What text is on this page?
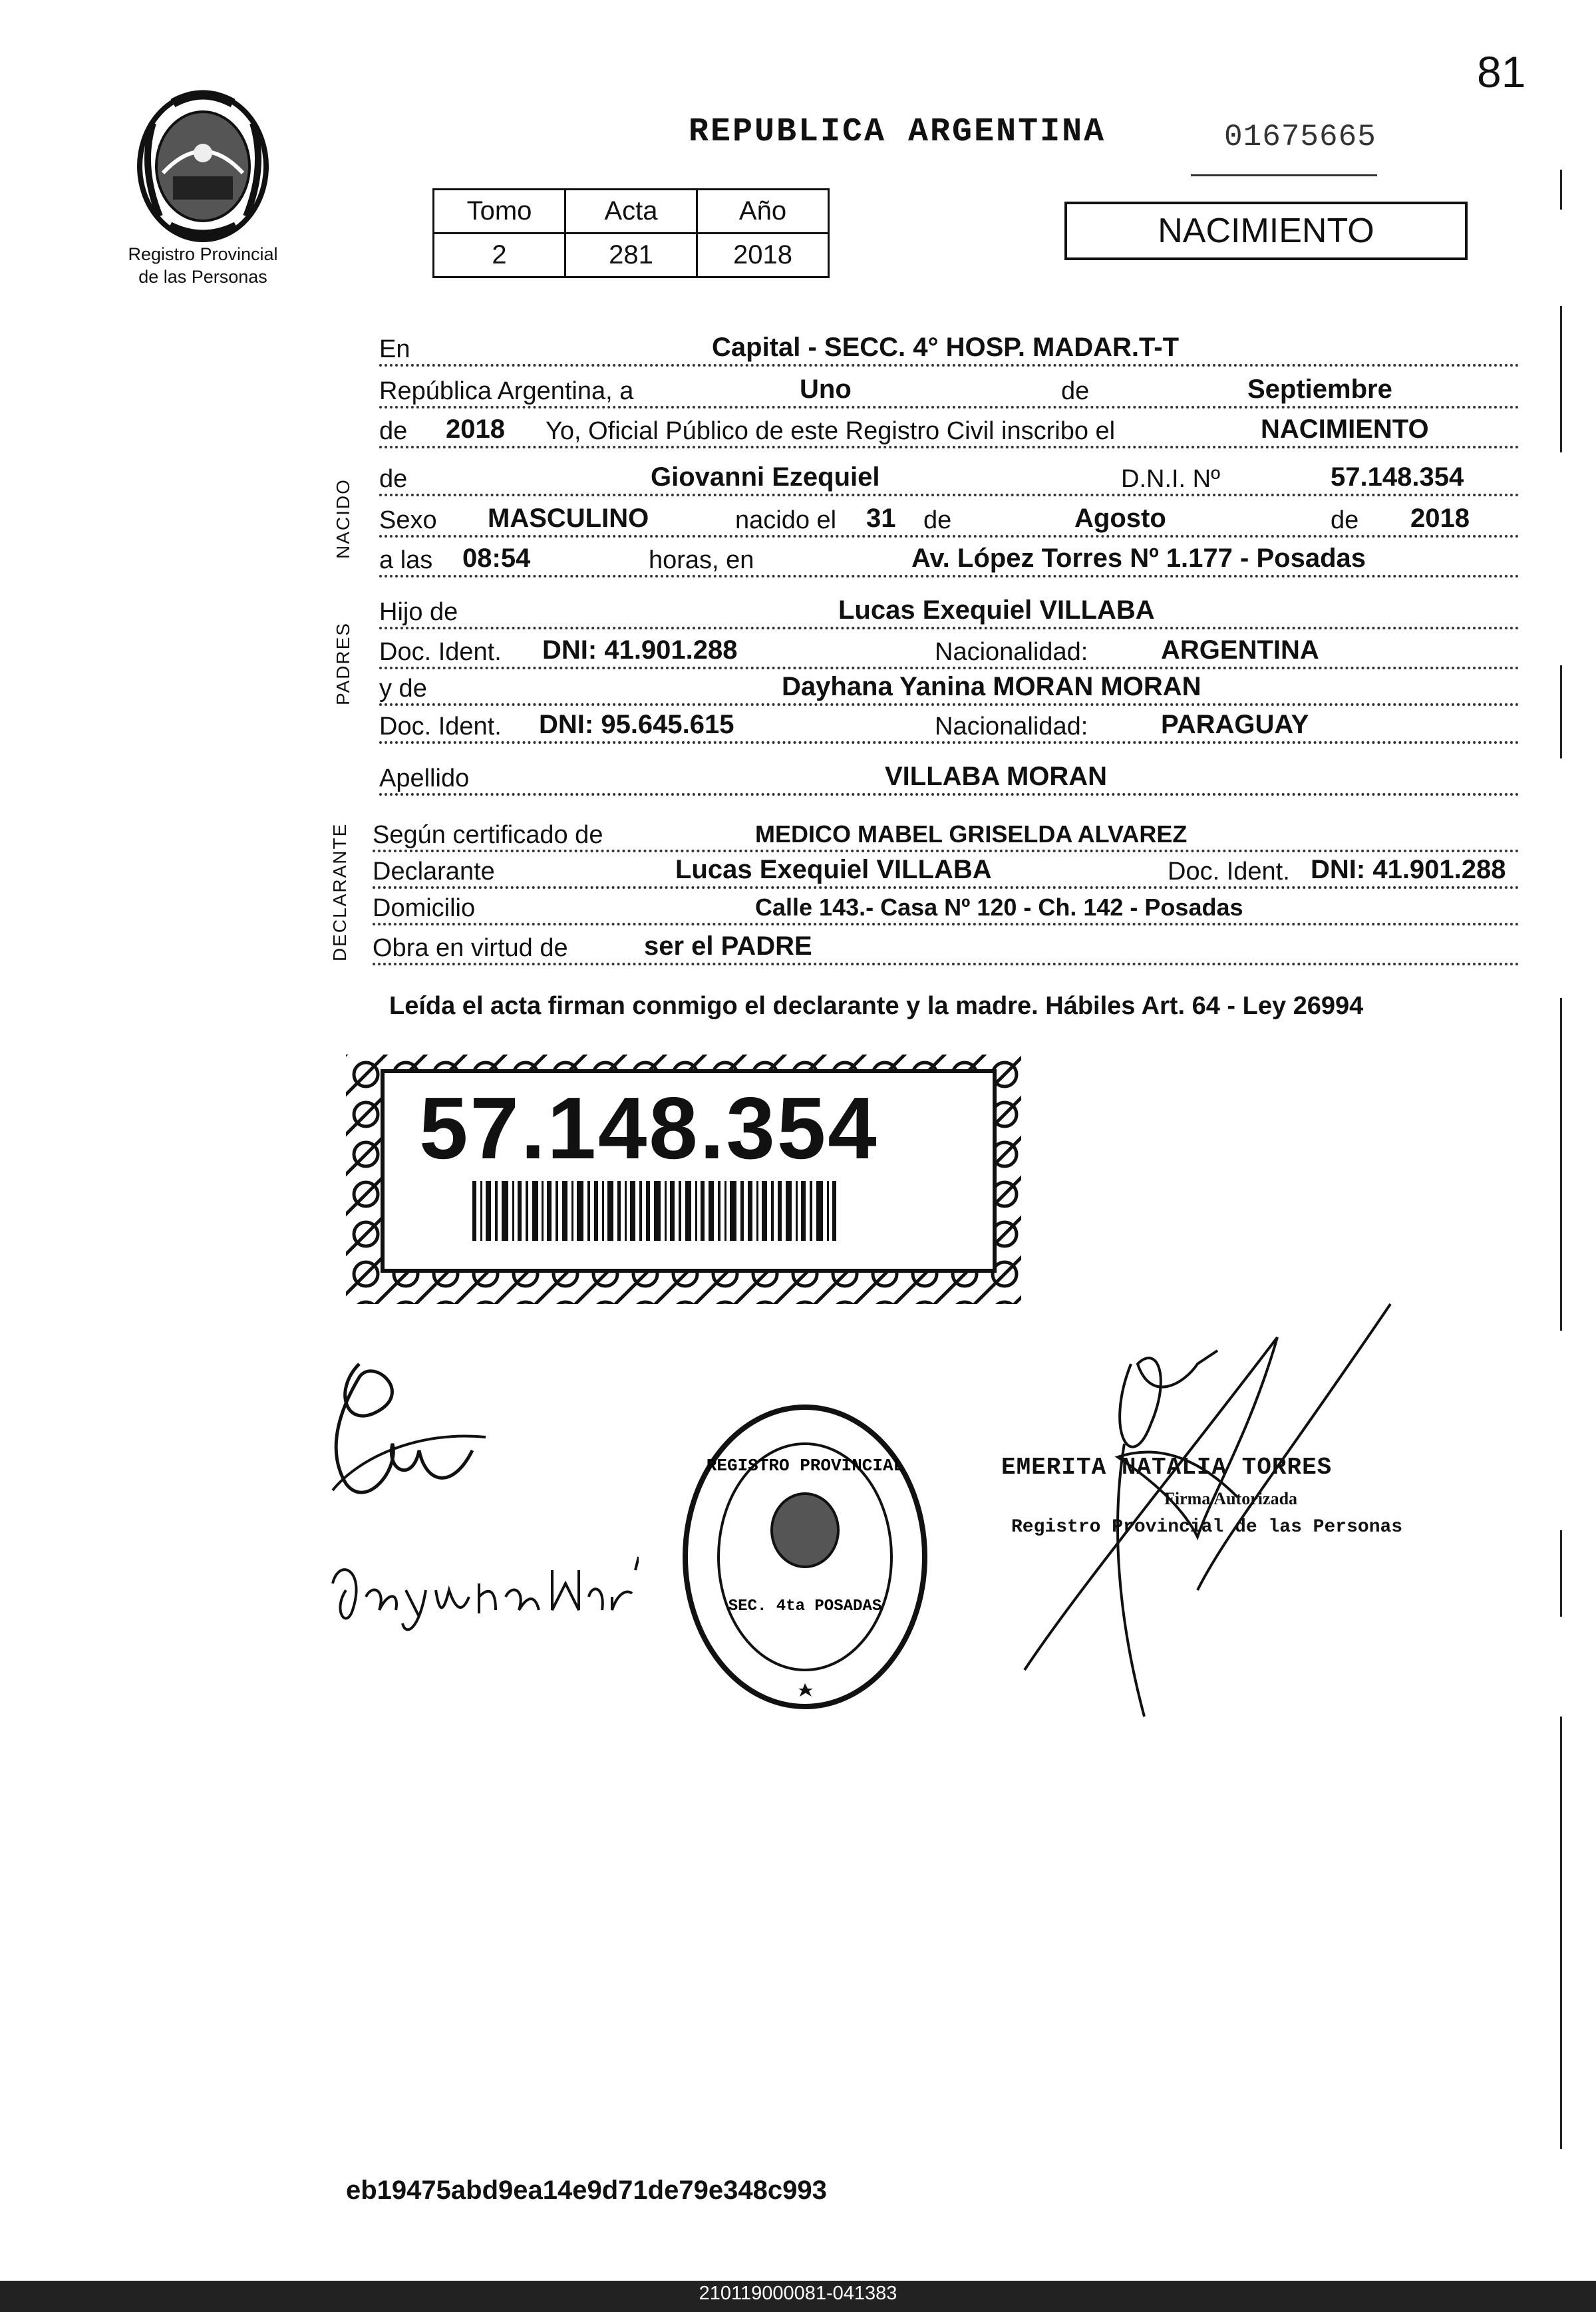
81
Registro Provincial
de las Personas
REPUBLICA ARGENTINA	01675665
Tomo	Acta	Año
2	281	2018
NACIMIENTO
En	Capital - SECC. 4° HOSP. MADAR.T-T
República Argentina, a	Uno	de	Septiembre
de 2018 Yo, Oficial Público de este Registro Civil inscribo el	NACIMIENTO
NACIDO de	Giovanni Ezequiel	D.N.I. Nº	57.148.354
Sexo MASCULINO	nacido el 31 de	Agosto	de 2018
a las 08:54	horas, en	Av. López Torres Nº 1.177 - Posadas
PADRES
Hijo de	Lucas Exequiel VILLABA
Doc. Ident. DNI: 41.901.288	Nacionalidad:	ARGENTINA
y de	Dayhana Yanina MORAN MORAN
Doc. Ident. DNI: 95.645.615	Nacionalidad:	PARAGUAY
Apellido	VILLABA MORAN
DECLARANTE Según certificado de	MEDICO MABEL GRISELDA ALVAREZ
Declarante	Lucas Exequiel VILLABA	Doc. Ident. DNI: 41.901.288
Domicilio	Calle 143.- Casa Nº 120 - Ch. 142 - Posadas
Obra en virtud de	ser el PADRE
Leída el acta firman conmigo el declarante y la madre. Hábiles Art. 64 - Ley 26994
57.148.354
REGISTRO PROVINCIAL
SEC. 4ta POSADAS
EMERITA NATALIA TORRES
Firma Autorizada
Registro Provincial de las Personas
eb19475abd9ea14e9d71de79e348c993
210119000081-041383
